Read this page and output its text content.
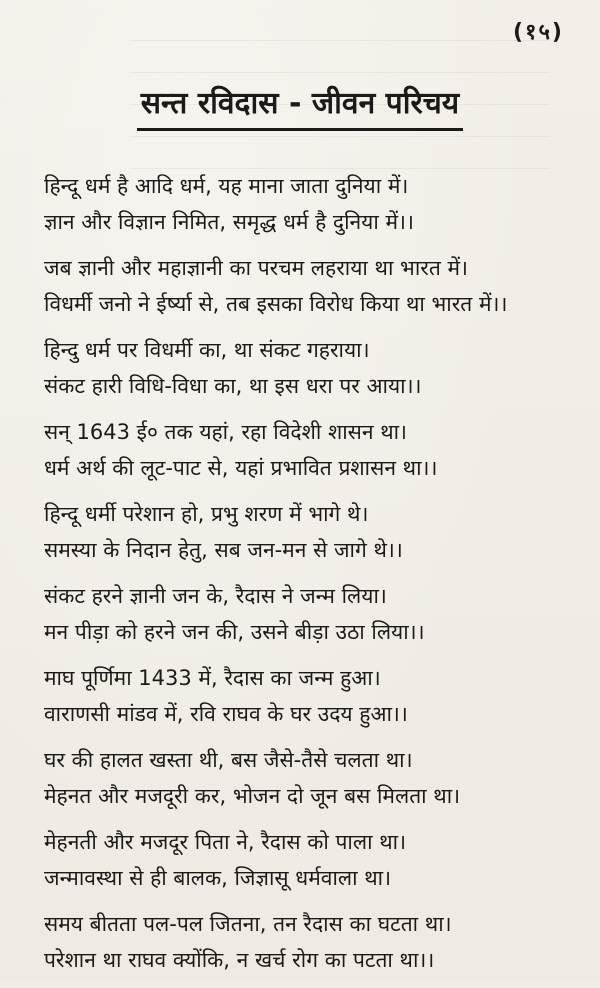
(१५)
सन्त रविदास - जीवन परिचय
हिन्दू धर्म है आदि धर्म, यह माना जाता दुनिया में।
ज्ञान और विज्ञान निमित, समृद्ध धर्म है दुनिया में।।
जब ज्ञानी और महाज्ञानी का परचम लहराया था भारत में।
विधर्मी जनो ने ईर्ष्या से, तब इसका विरोध किया था भारत में।।
हिन्दु धर्म पर विधर्मी का, था संकट गहराया।
संकट हारी विधि-विधा का, था इस धरा पर आया।।
सन् 1643 ई० तक यहां, रहा विदेशी शासन था।
धर्म अर्थ की लूट-पाट से, यहां प्रभावित प्रशासन था।।
हिन्दू धर्मी परेशान हो, प्रभु शरण में भागे थे।
समस्या के निदान हेतु, सब जन-मन से जागे थे।।
संकट हरने ज्ञानी जन के, रैदास ने जन्म लिया।
मन पीड़ा को हरने जन की, उसने बीड़ा उठा लिया।।
माघ पूर्णिमा 1433 में, रैदास का जन्म हुआ।
वाराणसी मांडव में, रवि राघव के घर उदय हुआ।।
घर की हालत खस्ता थी, बस जैसे-तैसे चलता था।
मेहनत और मजदूरी कर, भोजन दो जून बस मिलता था।
मेहनती और मजदूर पिता ने, रैदास को पाला था।
जन्मावस्था से ही बालक, जिज्ञासू धर्मवाला था।
समय बीतता पल-पल जितना, तन रैदास का घटता था।
परेशान था राघव क्योंकि, न खर्च रोग का पटता था।।
